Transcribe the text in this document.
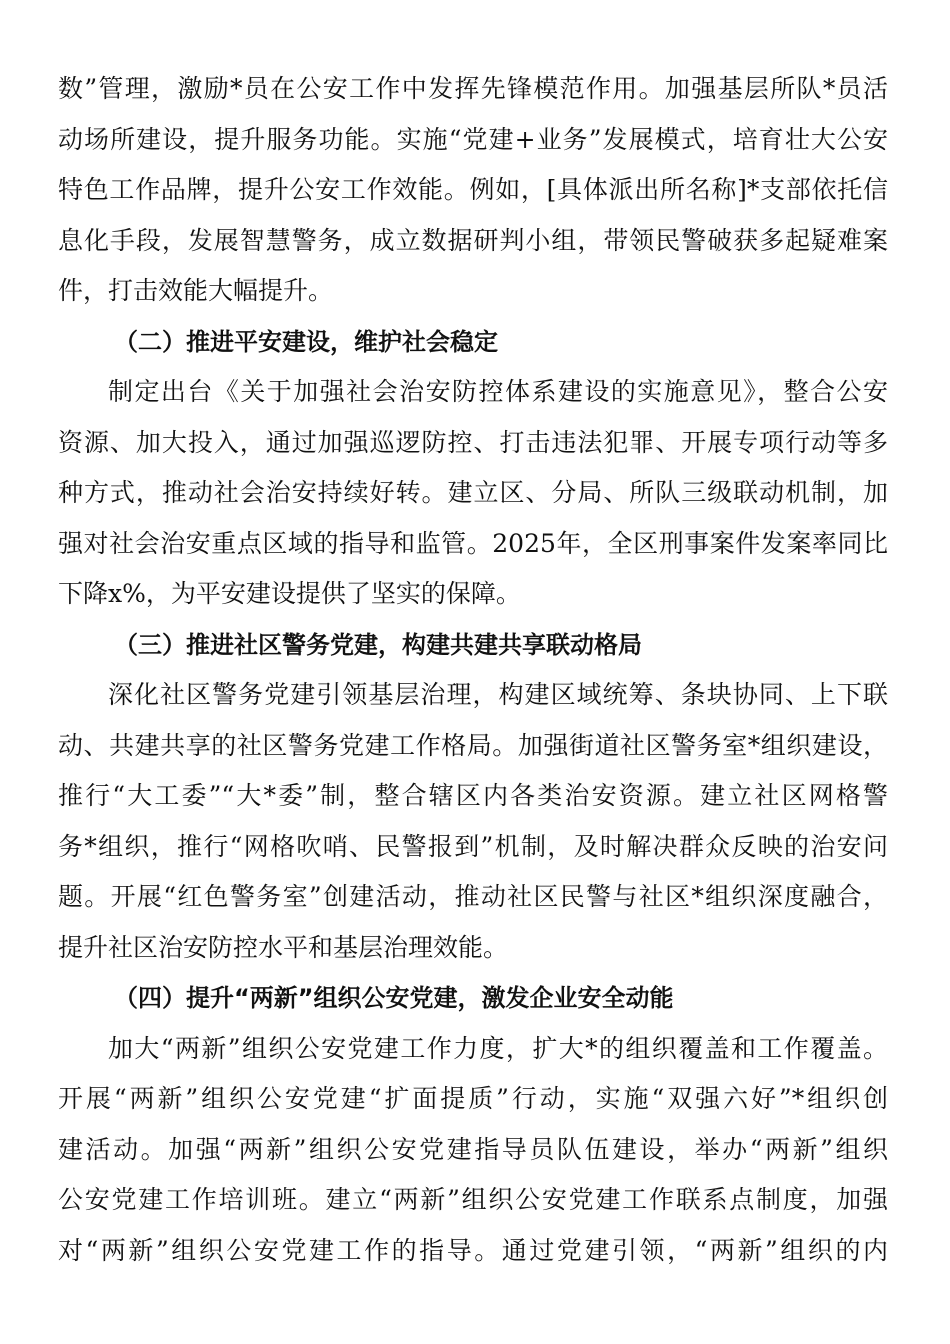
数”管理，激励*员在公安工作中发挥先锋模范作用。加强基层所队*员活
动场所建设，提升服务功能。实施“党建+业务”发展模式，培育壮大公安
特色工作品牌，提升公安工作效能。例如，[具体派出所名称]*支部依托信
息化手段，发展智慧警务，成立数据研判小组，带领民警破获多起疑难案
件，打击效能大幅提升。
（二）推进平安建设，维护社会稳定
制定出台《关于加强社会治安防控体系建设的实施意见》，整合公安
资源、加大投入，通过加强巡逻防控、打击违法犯罪、开展专项行动等多
种方式，推动社会治安持续好转。建立区、分局、所队三级联动机制，加
强对社会治安重点区域的指导和监管。2025年，全区刑事案件发案率同比
下降x%，为平安建设提供了坚实的保障。
（三）推进社区警务党建，构建共建共享联动格局
深化社区警务党建引领基层治理，构建区域统筹、条块协同、上下联
动、共建共享的社区警务党建工作格局。加强街道社区警务室*组织建设，
推行“大工委”“大*委”制，整合辖区内各类治安资源。建立社区网格警
务*组织，推行“网格吹哨、民警报到”机制，及时解决群众反映的治安问
题。开展“红色警务室”创建活动，推动社区民警与社区*组织深度融合，
提升社区治安防控水平和基层治理效能。
（四）提升“两新”组织公安党建，激发企业安全动能
加大“两新”组织公安党建工作力度，扩大*的组织覆盖和工作覆盖。
开展“两新”组织公安党建“扩面提质”行动，实施“双强六好”*组织创
建活动。加强“两新”组织公安党建指导员队伍建设，举办“两新”组织
公安党建工作培训班。建立“两新”组织公安党建工作联系点制度，加强
对“两新”组织公安党建工作的指导。通过党建引领，“两新”组织的内
